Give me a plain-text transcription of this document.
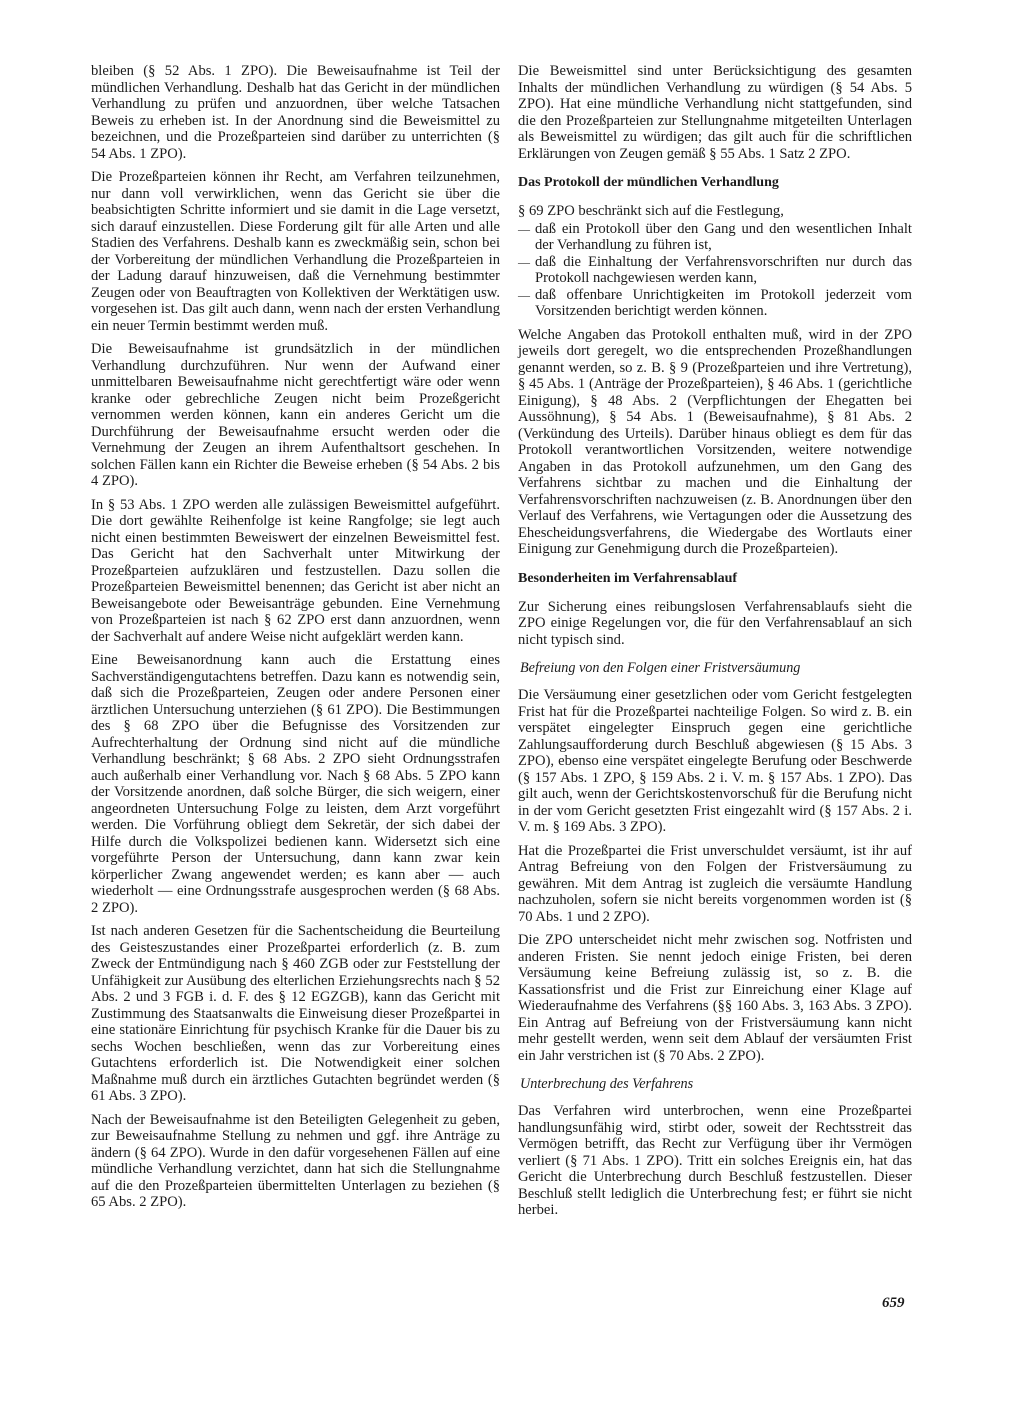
bleiben (§ 52 Abs. 1 ZPO). Die Beweisaufnahme ist Teil der mündlichen Verhandlung. Deshalb hat das Gericht in der mündlichen Verhandlung zu prüfen und anzuordnen, über welche Tatsachen Beweis zu erheben ist. In der Anordnung sind die Beweismittel zu bezeichnen, und die Prozeßparteien sind darüber zu unterrichten (§ 54 Abs. 1 ZPO).

Die Prozeßparteien können ihr Recht, am Verfahren teilzunehmen, nur dann voll verwirklichen, wenn das Gericht sie über die beabsichtigten Schritte informiert und sie damit in die Lage versetzt, sich darauf einzustellen. Diese Forderung gilt für alle Arten und alle Stadien des Verfahrens. Deshalb kann es zweckmäßig sein, schon bei der Vorbereitung der mündlichen Verhandlung die Prozeßparteien in der Ladung darauf hinzuweisen, daß die Vernehmung bestimmter Zeugen oder von Beauftragten von Kollektiven der Werktätigen usw. vorgesehen ist. Das gilt auch dann, wenn nach der ersten Verhandlung ein neuer Termin bestimmt werden muß.

Die Beweisaufnahme ist grundsätzlich in der mündlichen Verhandlung durchzuführen. Nur wenn der Aufwand einer unmittelbaren Beweisaufnahme nicht gerechtfertigt wäre oder wenn kranke oder gebrechliche Zeugen nicht beim Prozeßgericht vernommen werden können, kann ein anderes Gericht um die Durchführung der Beweisaufnahme ersucht werden oder die Vernehmung der Zeugen an ihrem Aufenthaltsort geschehen. In solchen Fällen kann ein Richter die Beweise erheben (§ 54 Abs. 2 bis 4 ZPO).

In § 53 Abs. 1 ZPO werden alle zulässigen Beweismittel aufgeführt. Die dort gewählte Reihenfolge ist keine Rangfolge; sie legt auch nicht einen bestimmten Beweiswert der einzelnen Beweismittel fest. Das Gericht hat den Sachverhalt unter Mitwirkung der Prozeßparteien aufzuklären und festzustellen. Dazu sollen die Prozeßparteien Beweismittel benennen; das Gericht ist aber nicht an Beweisangebote oder Beweisanträge gebunden. Eine Vernehmung von Prozeßparteien ist nach § 62 ZPO erst dann anzuordnen, wenn der Sachverhalt auf andere Weise nicht aufgeklärt werden kann.

Eine Beweisanordnung kann auch die Erstattung eines Sachverständigengutachtens betreffen. Dazu kann es notwendig sein, daß sich die Prozeßparteien, Zeugen oder andere Personen einer ärztlichen Untersuchung unterziehen (§ 61 ZPO). Die Bestimmungen des § 68 ZPO über die Befugnisse des Vorsitzenden zur Aufrechterhaltung der Ordnung sind nicht auf die mündliche Verhandlung beschränkt; § 68 Abs. 2 ZPO sieht Ordnungsstrafen auch außerhalb einer Verhandlung vor. Nach § 68 Abs. 5 ZPO kann der Vorsitzende anordnen, daß solche Bürger, die sich weigern, einer angeordneten Untersuchung Folge zu leisten, dem Arzt vorgeführt werden. Die Vorführung obliegt dem Sekretär, der sich dabei der Hilfe durch die Volkspolizei bedienen kann. Widersetzt sich eine vorgeführte Person der Untersuchung, dann kann zwar kein körperlicher Zwang angewendet werden; es kann aber — auch wiederholt — eine Ordnungsstrafe ausgesprochen werden (§ 68 Abs. 2 ZPO).

Ist nach anderen Gesetzen für die Sachentscheidung die Beurteilung des Geisteszustandes einer Prozeßpartei erforderlich (z. B. zum Zweck der Entmündigung nach § 460 ZGB oder zur Feststellung der Unfähigkeit zur Ausübung des elterlichen Erziehungsrechts nach § 52 Abs. 2 und 3 FGB i. d. F. des § 12 EGZGB), kann das Gericht mit Zustimmung des Staatsanwalts die Einweisung dieser Prozeßpartei in eine stationäre Einrichtung für psychisch Kranke für die Dauer bis zu sechs Wochen beschließen, wenn das zur Vorbereitung eines Gutachtens erforderlich ist. Die Notwendigkeit einer solchen Maßnahme muß durch ein ärztliches Gutachten begründet werden (§ 61 Abs. 3 ZPO).

Nach der Beweisaufnahme ist den Beteiligten Gelegenheit zu geben, zur Beweisaufnahme Stellung zu nehmen und ggf. ihre Anträge zu ändern (§ 64 ZPO). Wurde in den dafür vorgesehenen Fällen auf eine mündliche Verhandlung verzichtet, dann hat sich die Stellungnahme auf die den Prozeßparteien übermittelten Unterlagen zu beziehen (§ 65 Abs. 2 ZPO).

Die Beweismittel sind unter Berücksichtigung des gesamten Inhalts der mündlichen Verhandlung zu würdigen (§ 54 Abs. 5 ZPO). Hat eine mündliche Verhandlung nicht stattgefunden, sind die den Prozeßparteien zur Stellungnahme mitgeteilten Unterlagen als Beweismittel zu würdigen; das gilt auch für die schriftlichen Erklärungen von Zeugen gemäß § 55 Abs. 1 Satz 2 ZPO.

Das Protokoll der mündlichen Verhandlung

§ 69 ZPO beschränkt sich auf die Festlegung,

— daß ein Protokoll über den Gang und den wesentlichen Inhalt der Verhandlung zu führen ist,
— daß die Einhaltung der Verfahrensvorschriften nur durch das Protokoll nachgewiesen werden kann,
— daß offenbare Unrichtigkeiten im Protokoll jederzeit vom Vorsitzenden berichtigt werden können.

Welche Angaben das Protokoll enthalten muß, wird in der ZPO jeweils dort geregelt, wo die entsprechenden Prozeßhandlungen genannt werden, so z. B. § 9 (Prozeßparteien und ihre Vertretung), § 45 Abs. 1 (Anträge der Prozeßparteien), § 46 Abs. 1 (gerichtliche Einigung), § 48 Abs. 2 (Verpflichtungen der Ehegatten bei Aussöhnung), § 54 Abs. 1 (Beweisaufnahme), § 81 Abs. 2 (Verkündung des Urteils). Darüber hinaus obliegt es dem für das Protokoll verantwortlichen Vorsitzenden, weitere notwendige Angaben in das Protokoll aufzunehmen, um den Gang des Verfahrens sichtbar zu machen und die Einhaltung der Verfahrensvorschriften nachzuweisen (z. B. Anordnungen über den Verlauf des Verfahrens, wie Vertagungen oder die Aussetzung des Ehescheidungsverfahrens, die Wiedergabe des Wortlauts einer Einigung zur Genehmigung durch die Prozeßparteien).

Besonderheiten im Verfahrensablauf

Zur Sicherung eines reibungslosen Verfahrensablaufs sieht die ZPO einige Regelungen vor, die für den Verfahrensablauf an sich nicht typisch sind.

Befreiung von den Folgen einer Fristversäumung

Die Versäumung einer gesetzlichen oder vom Gericht festgelegten Frist hat für die Prozeßpartei nachteilige Folgen. So wird z. B. ein verspätet eingelegter Einspruch gegen eine gerichtliche Zahlungsaufforderung durch Beschluß abgewiesen (§ 15 Abs. 3 ZPO), ebenso eine verspätet eingelegte Berufung oder Beschwerde (§ 157 Abs. 1 ZPO, § 159 Abs. 2 i. V. m. § 157 Abs. 1 ZPO). Das gilt auch, wenn der Gerichtskostenvorschuß für die Berufung nicht in der vom Gericht gesetzten Frist eingezahlt wird (§ 157 Abs. 2 i. V. m. § 169 Abs. 3 ZPO).

Hat die Prozeßpartei die Frist unverschuldet versäumt, ist ihr auf Antrag Befreiung von den Folgen der Fristversäumung zu gewähren. Mit dem Antrag ist zugleich die versäumte Handlung nachzuholen, sofern sie nicht bereits vorgenommen worden ist (§ 70 Abs. 1 und 2 ZPO).

Die ZPO unterscheidet nicht mehr zwischen sog. Notfristen und anderen Fristen. Sie nennt jedoch einige Fristen, bei deren Versäumung keine Befreiung zulässig ist, so z. B. die Kassationsfrist und die Frist zur Einreichung einer Klage auf Wiederaufnahme des Verfahrens (§§ 160 Abs. 3, 163 Abs. 3 ZPO). Ein Antrag auf Befreiung von der Fristversäumung kann nicht mehr gestellt werden, wenn seit dem Ablauf der versäumten Frist ein Jahr verstrichen ist (§ 70 Abs. 2 ZPO).

Unterbrechung des Verfahrens

Das Verfahren wird unterbrochen, wenn eine Prozeßpartei handlungsunfähig wird, stirbt oder, soweit der Rechtsstreit das Vermögen betrifft, das Recht zur Verfügung über ihr Vermögen verliert (§ 71 Abs. 1 ZPO). Tritt ein solches Ereignis ein, hat das Gericht die Unterbrechung durch Beschluß festzustellen. Dieser Beschluß stellt lediglich die Unterbrechung fest; er führt sie nicht herbei.

659
